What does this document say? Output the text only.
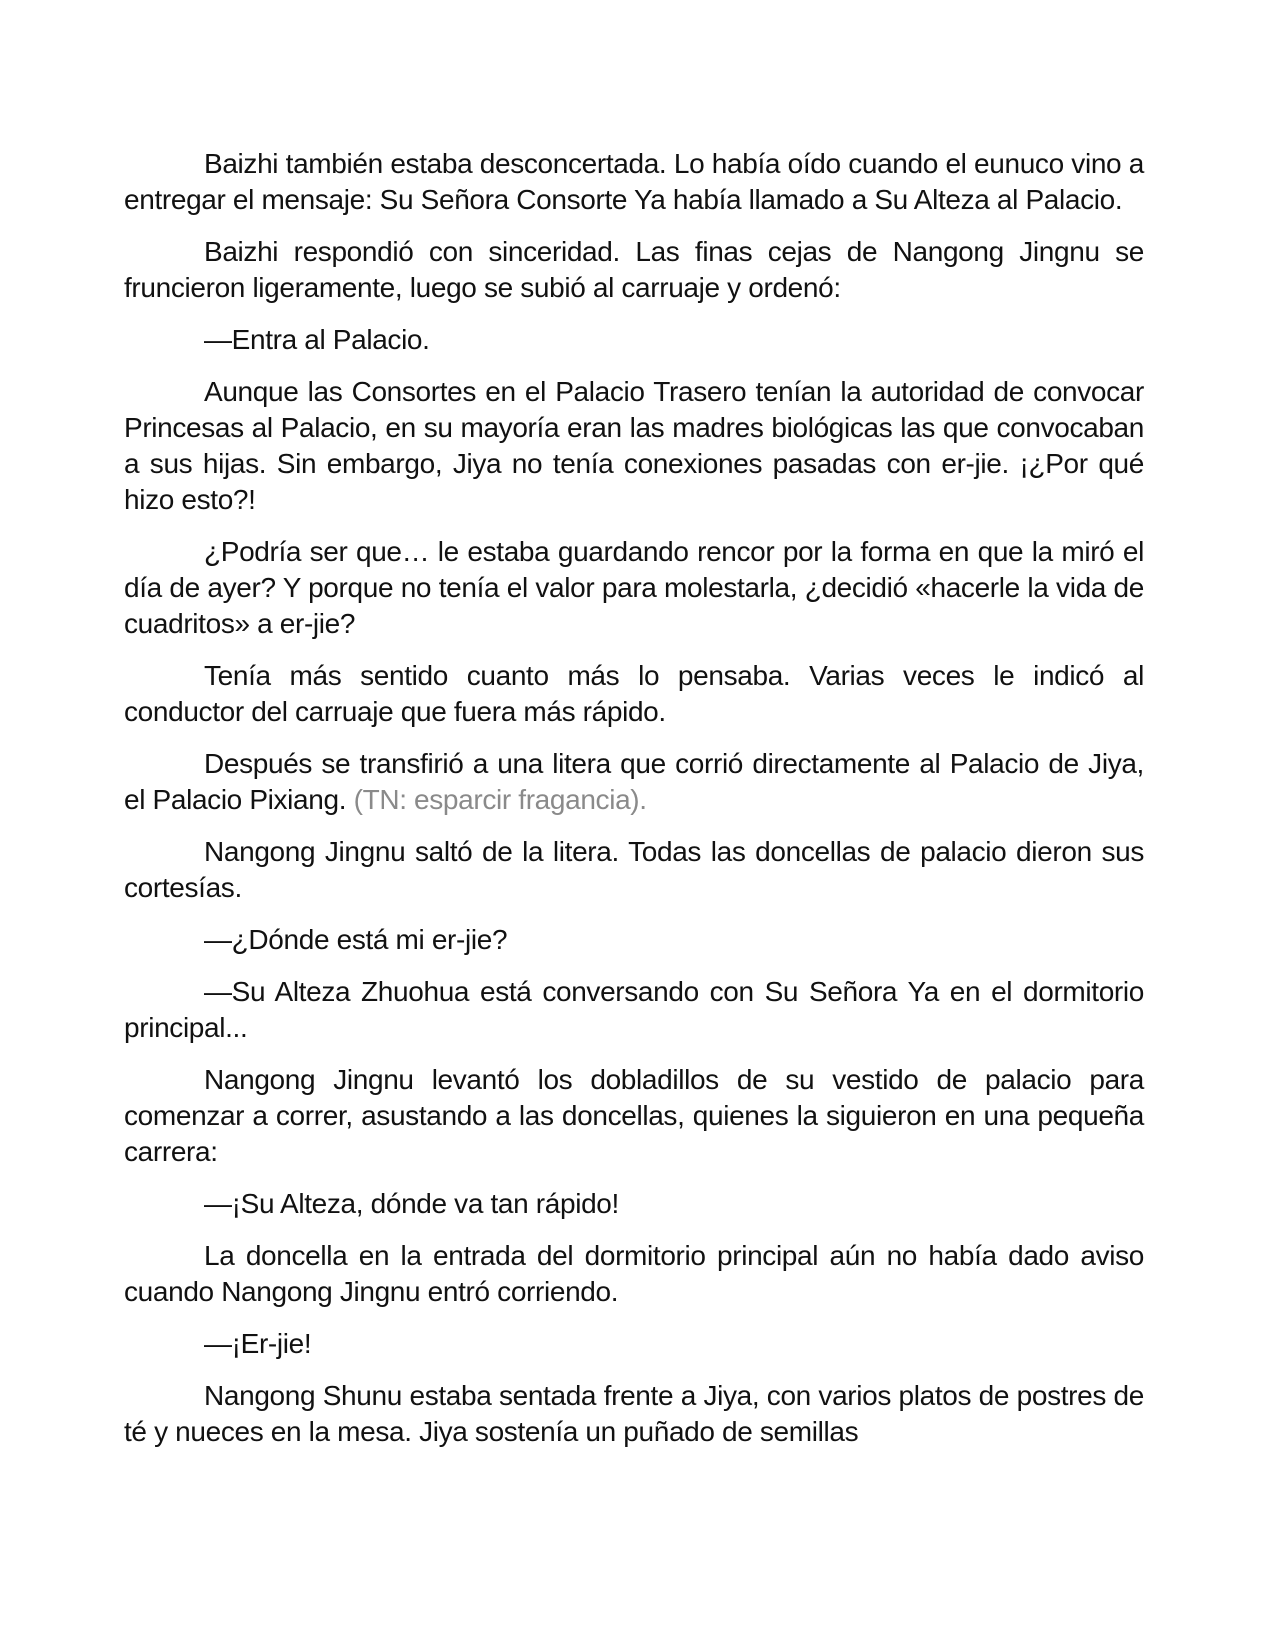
Baizhi también estaba desconcertada. Lo había oído cuando el eunuco vino a entregar el mensaje: Su Señora Consorte Ya había llamado a Su Alteza al Palacio.

Baizhi respondió con sinceridad. Las finas cejas de Nangong Jingnu se fruncieron ligeramente, luego se subió al carruaje y ordenó:

—Entra al Palacio.

Aunque las Consortes en el Palacio Trasero tenían la autoridad de convocar Princesas al Palacio, en su mayoría eran las madres biológicas las que convocaban a sus hijas. Sin embargo, Jiya no tenía conexiones pasadas con er-jie. ¡¿Por qué hizo esto?!

¿Podría ser que… le estaba guardando rencor por la forma en que la miró el día de ayer? Y porque no tenía el valor para molestarla, ¿decidió «hacerle la vida de cuadritos» a er-jie?

Tenía más sentido cuanto más lo pensaba. Varias veces le indicó al conductor del carruaje que fuera más rápido.

Después se transfirió a una litera que corrió directamente al Palacio de Jiya, el Palacio Pixiang. (TN: esparcir fragancia).

Nangong Jingnu saltó de la litera. Todas las doncellas de palacio dieron sus cortesías.

—¿Dónde está mi er-jie?

—Su Alteza Zhuohua está conversando con Su Señora Ya en el dormitorio principal...

Nangong Jingnu levantó los dobladillos de su vestido de palacio para comenzar a correr, asustando a las doncellas, quienes la siguieron en una pequeña carrera:

—¡Su Alteza, dónde va tan rápido!

La doncella en la entrada del dormitorio principal aún no había dado aviso cuando Nangong Jingnu entró corriendo.

—¡Er-jie!

Nangong Shunu estaba sentada frente a Jiya, con varios platos de postres de té y nueces en la mesa. Jiya sostenía un puñado de semillas
